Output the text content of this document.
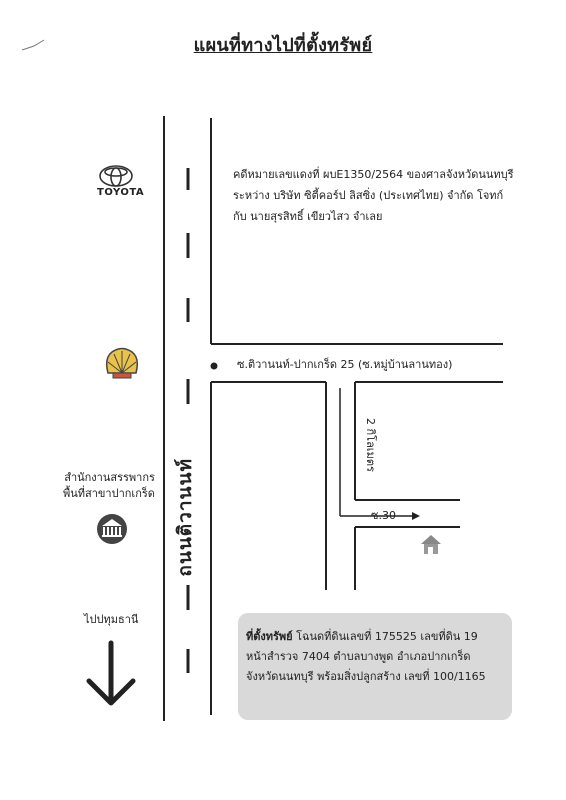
แผนที่ทางไปที่ตั้งทรัพย์
TOYOTA
คดีหมายเลขแดงที่ ผบE1350/2564 ของศาลจังหวัดนนทบุรี
ระหว่าง บริษัท ซิตี้คอร์ป ลิสซิ่ง (ประเทศไทย) จำกัด โจทก์
กับ นายสุรสิทธิ์ เขียวไสว จำเลย
ซ.ติวานนท์-ปากเกร็ด 25 (ซ.หมู่บ้านลานทอง)
2 กิโลเมตร
ซ.30
ถนนติวานนท์
สำนักงานสรรพากร
พื้นที่สาขาปากเกร็ด
ไปปทุมธานี
ที่ตั้งทรัพย์ โฉนดที่ดินเลขที่ 175525 เลขที่ดิน 19
หน้าสำรวจ 7404 ตำบลบางพูด อำเภอปากเกร็ด
จังหวัดนนทบุรี พร้อมสิ่งปลูกสร้าง เลขที่ 100/1165
